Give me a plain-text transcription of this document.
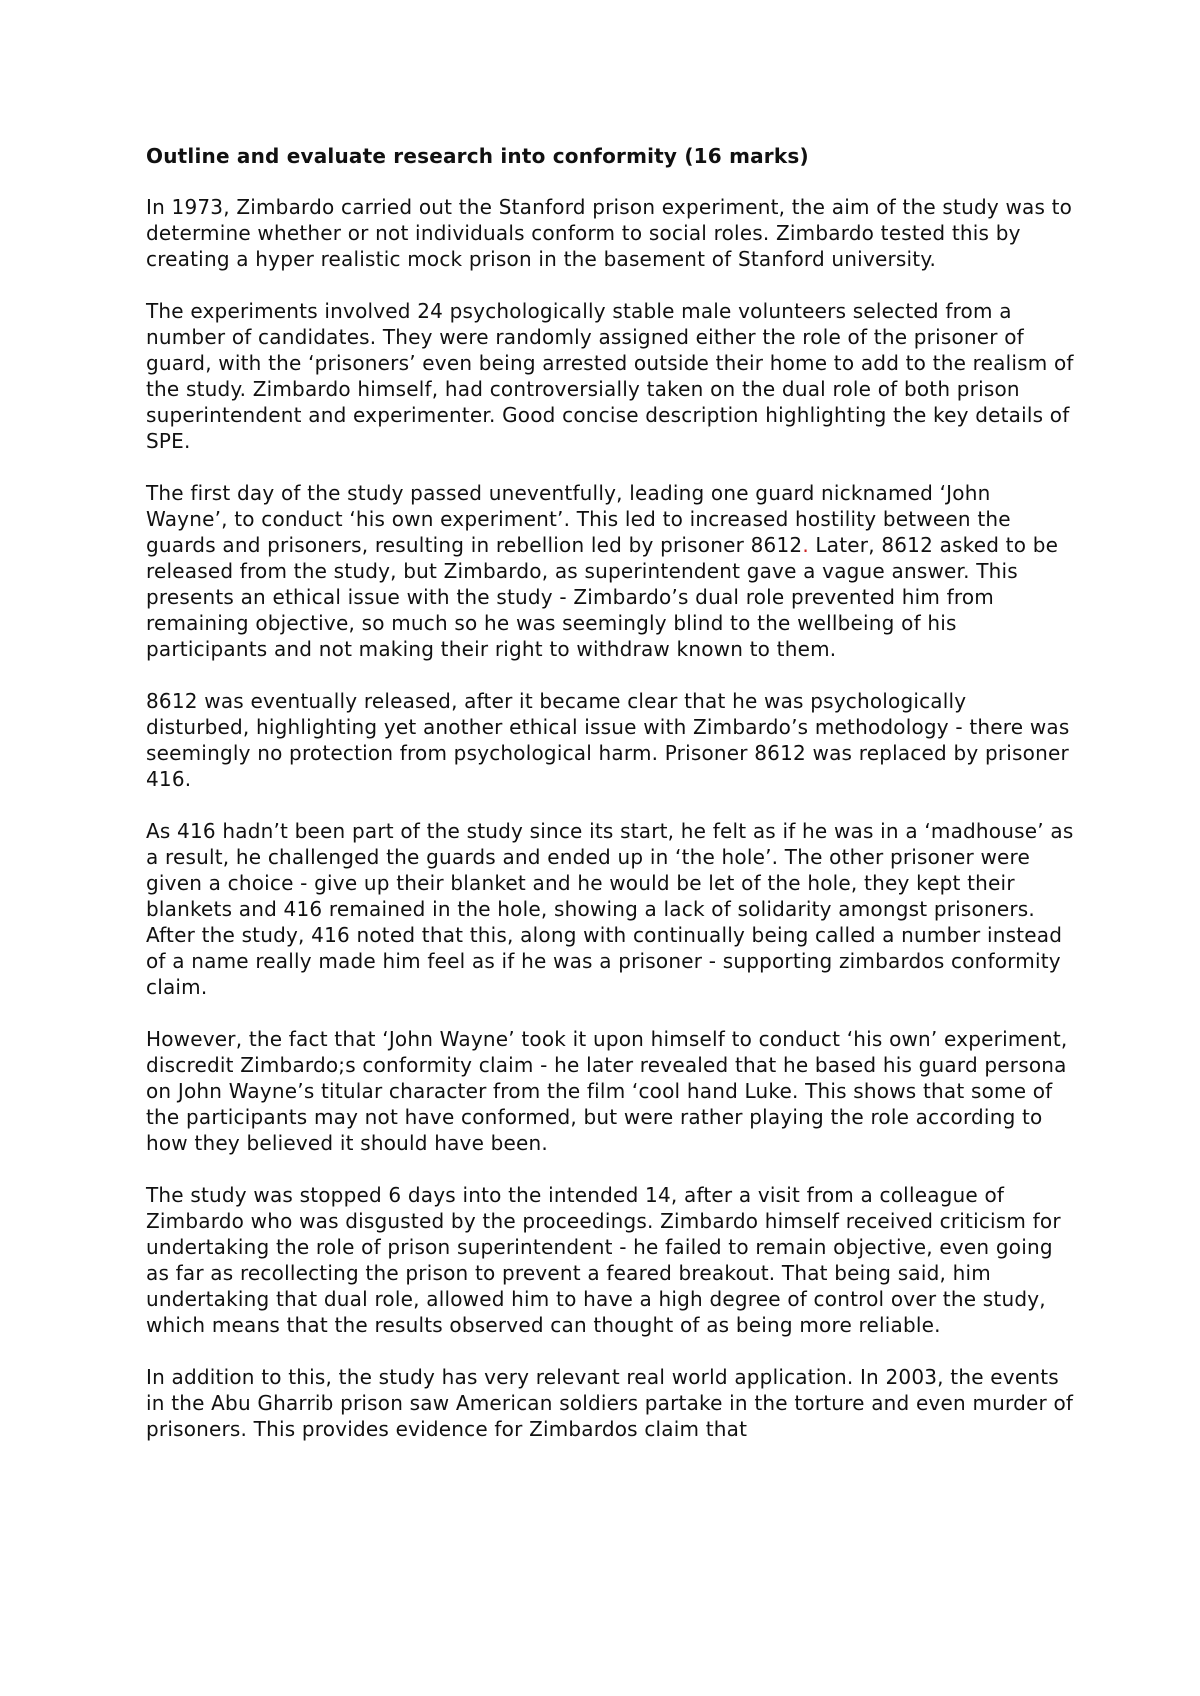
Outline and evaluate research into conformity (16 marks)

In 1973, Zimbardo carried out the Stanford prison experiment, the aim of the study was to determine whether or not individuals conform to social roles. Zimbardo tested this by creating a hyper realistic mock prison in the basement of Stanford university.

The experiments involved 24 psychologically stable male volunteers selected from a number of candidates. They were randomly assigned either the role of the prisoner of guard, with the ‘prisoners’ even being arrested outside their home to add to the realism of the study. Zimbardo himself, had controversially taken on the dual role of both prison superintendent and experimenter. Good concise description highlighting the key details of SPE.

The first day of the study passed uneventfully, leading one guard nicknamed ‘John Wayne’, to conduct ‘his own experiment’. This led to increased hostility between the guards and prisoners, resulting in rebellion led by prisoner 8612. Later, 8612 asked to be released from the study, but Zimbardo, as superintendent gave a vague answer. This presents an ethical issue with the study - Zimbardo’s dual role prevented him from remaining objective, so much so he was seemingly blind to the wellbeing of his participants and not making their right to withdraw known to them.

8612 was eventually released, after it became clear that he was psychologically disturbed, highlighting yet another ethical issue with Zimbardo’s methodology - there was seemingly no protection from psychological harm. Prisoner 8612 was replaced by prisoner 416.

As 416 hadn’t been part of the study since its start, he felt as if he was in a ‘madhouse’ as a result, he challenged the guards and ended up in ‘the hole’. The other prisoner were given a choice - give up their blanket and he would be let of the hole, they kept their blankets and 416 remained in the hole, showing a lack of solidarity amongst prisoners. After the study, 416 noted that this, along with continually being called a number instead of a name really made him feel as if he was a prisoner - supporting zimbardos conformity claim.

However, the fact that ‘John Wayne’ took it upon himself to conduct ‘his own’ experiment, discredit Zimbardo;s conformity claim - he later revealed that he based his guard persona on John Wayne’s titular character from the film ‘cool hand Luke. This shows that some of the participants may not have conformed, but were rather playing the role according to how they believed it should have been.

The study was stopped 6 days into the intended 14, after a visit from a colleague of Zimbardo who was disgusted by the proceedings. Zimbardo himself received criticism for undertaking the role of prison superintendent - he failed to remain objective, even going as far as recollecting the prison to prevent a feared breakout. That being said, him undertaking that dual role, allowed him to have a high degree of control over the study, which means that the results observed can thought of as being more reliable.

In addition to this, the study has very relevant real world application. In 2003, the events in the Abu Gharrib prison saw American soldiers partake in the torture and even murder of prisoners. This provides evidence for Zimbardos claim that
